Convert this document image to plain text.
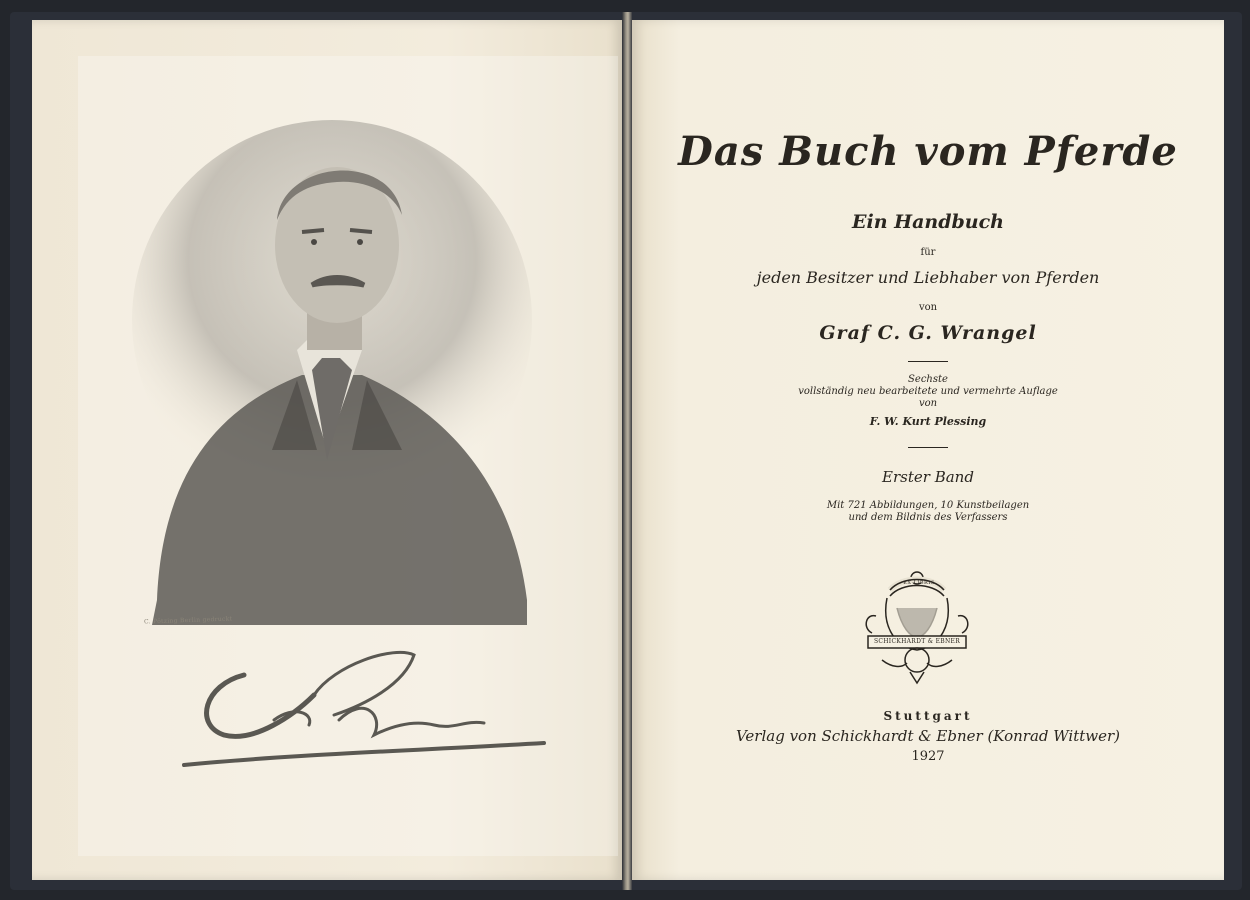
C. Pötzing Berlin gedruckt
Das Buch vom Pferde
Ein Handbuch
für
jeden Besitzer und Liebhaber von Pferden
von
Graf C. G. Wrangel
Sechste
vollständig neu bearbeitete und vermehrte Auflage
von
F. W. Kurt Plessing
Erster Band
Mit 721 Abbildungen, 10 Kunstbeilagen
und dem Bildnis des Verfassers
EX LIBRIS
SCHICKHARDT & EBNER
Stuttgart
Verlag von Schickhardt & Ebner (Konrad Wittwer)
1927
